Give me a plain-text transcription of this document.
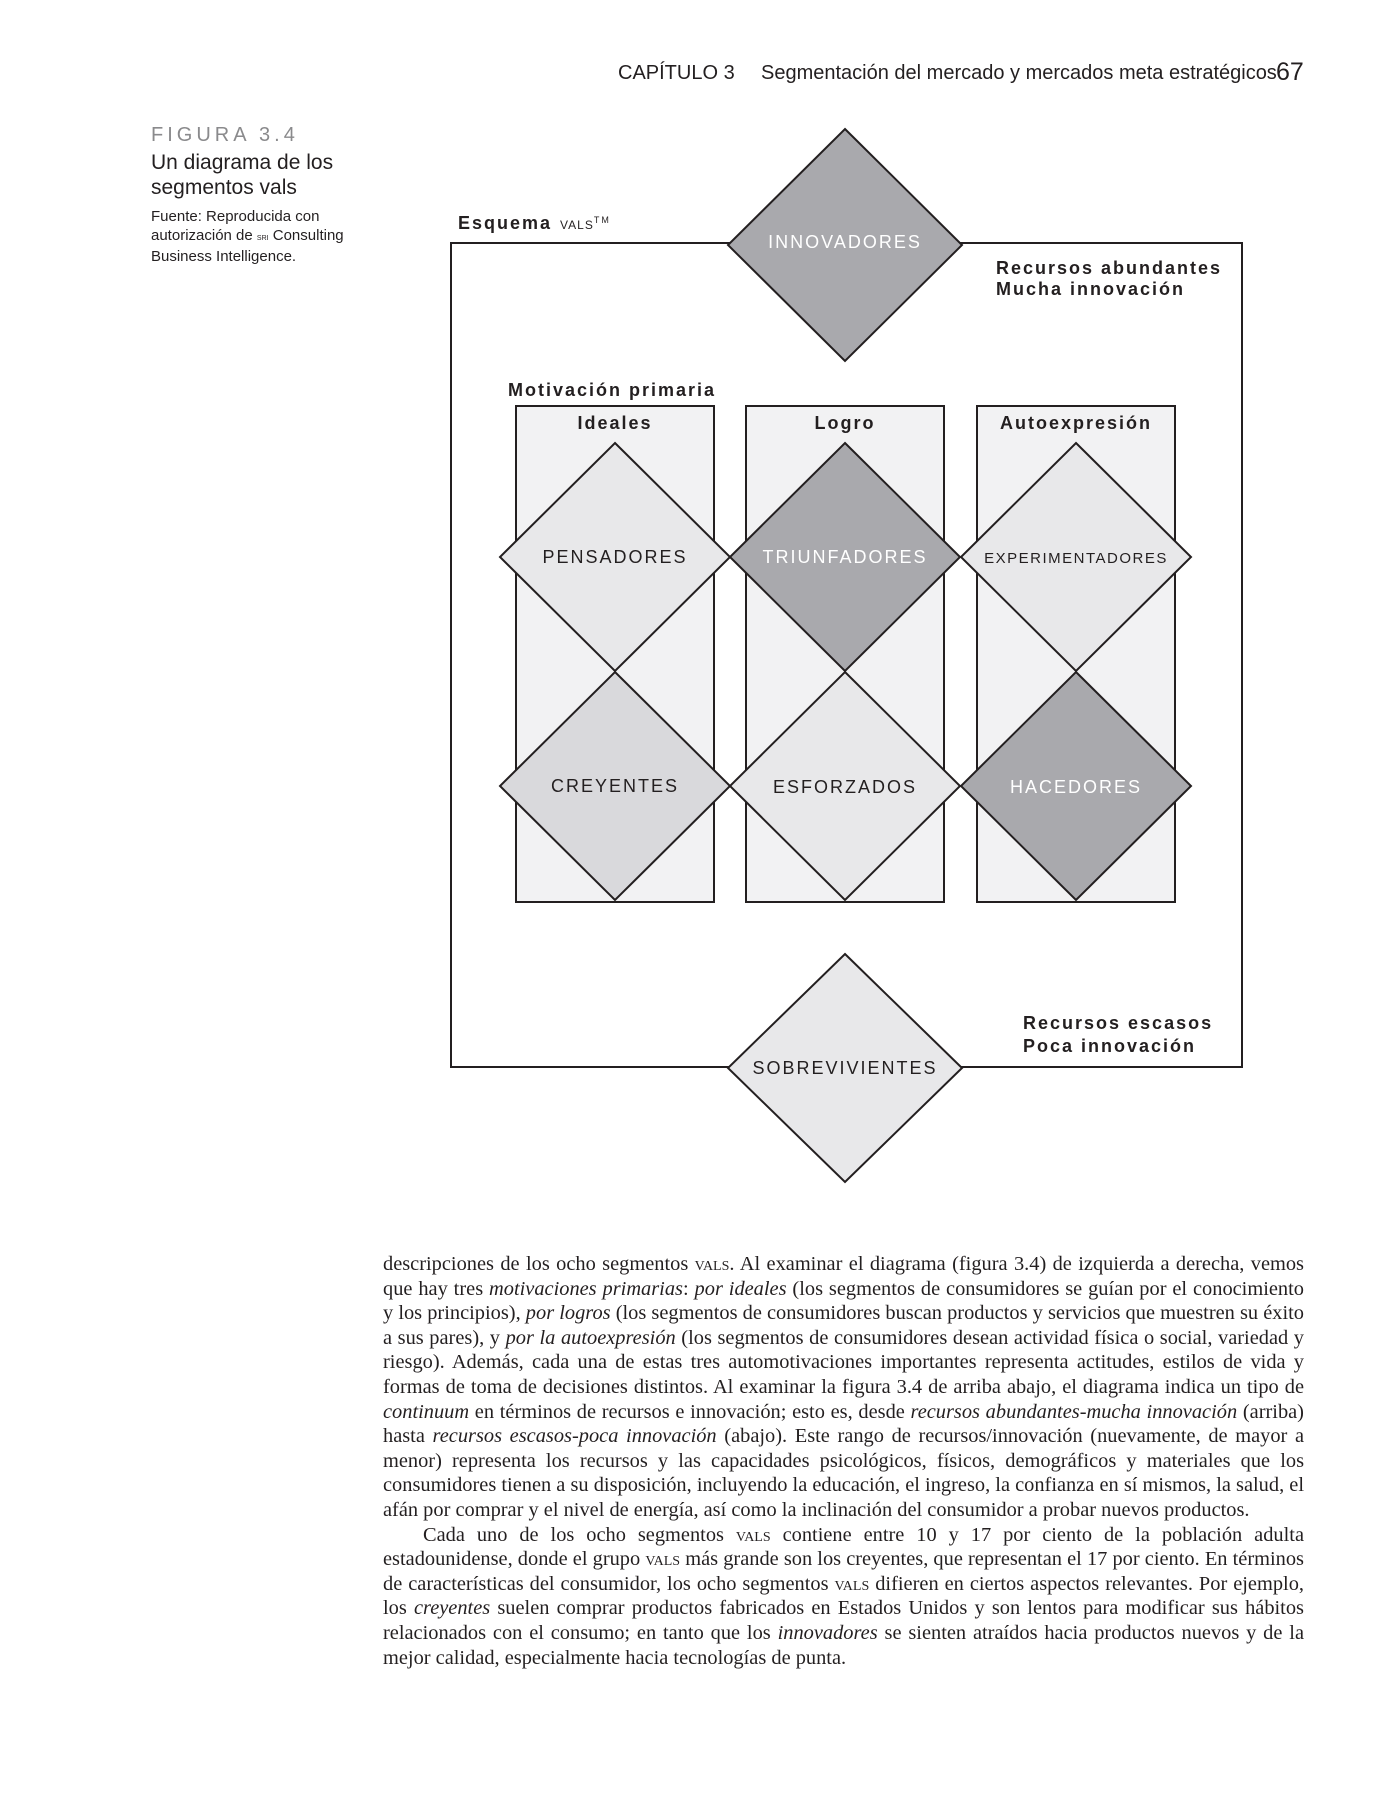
CAPÍTULO 3 Segmentación del mercado y mercados meta estratégicos 67
FIGURA 3.4
Un diagrama de los segmentos vals
Fuente: Reproducida con autorización de sri Consulting Business Intelligence.
Esquema VALS™
Recursos abundantes
Mucha innovación
Recursos escasos
Poca innovación
Motivación primaria
Ideales	Logro	Autoexpresión
INNOVADORES
PENSADORES	TRIUNFADORES	EXPERIMENTADORES
CREYENTES	ESFORZADOS	HACEDORES
SOBREVIVIENTES

descripciones de los ocho segmentos vals. Al examinar el diagrama (figura 3.4) de izquierda a derecha, vemos que hay tres motivaciones primarias: por ideales (los segmentos de consumidores se guían por el conocimiento y los principios), por logros (los segmentos de consumidores buscan productos y servicios que muestren su éxito a sus pares), y por la autoexpresión (los segmentos de consumidores desean actividad física o social, variedad y riesgo). Además, cada una de estas tres automotivaciones importantes representa actitudes, estilos de vida y formas de toma de decisiones distintos. Al examinar la figura 3.4 de arriba abajo, el diagrama indica un tipo de continuum en términos de recursos e innovación; esto es, desde recursos abundantes-mucha innovación (arriba) hasta recursos escasos-poca innovación (abajo). Este rango de recursos/innovación (nuevamente, de mayor a menor) representa los recursos y las capacidades psicológicos, físicos, demográficos y materiales que los consumidores tienen a su disposición, incluyendo la educación, el ingreso, la confianza en sí mismos, la salud, el afán por comprar y el nivel de energía, así como la inclinación del consumidor a probar nuevos productos.

Cada uno de los ocho segmentos vals contiene entre 10 y 17 por ciento de la población adulta estadounidense, donde el grupo vals más grande son los creyentes, que representan el 17 por ciento. En términos de características del consumidor, los ocho segmentos vals difieren en ciertos aspectos relevantes. Por ejemplo, los creyentes suelen comprar productos fabricados en Estados Unidos y son lentos para modificar sus hábitos relacionados con el consumo; en tanto que los innovadores se sienten atraídos hacia productos nuevos y de la mejor calidad, especialmente hacia tecnologías de punta.
